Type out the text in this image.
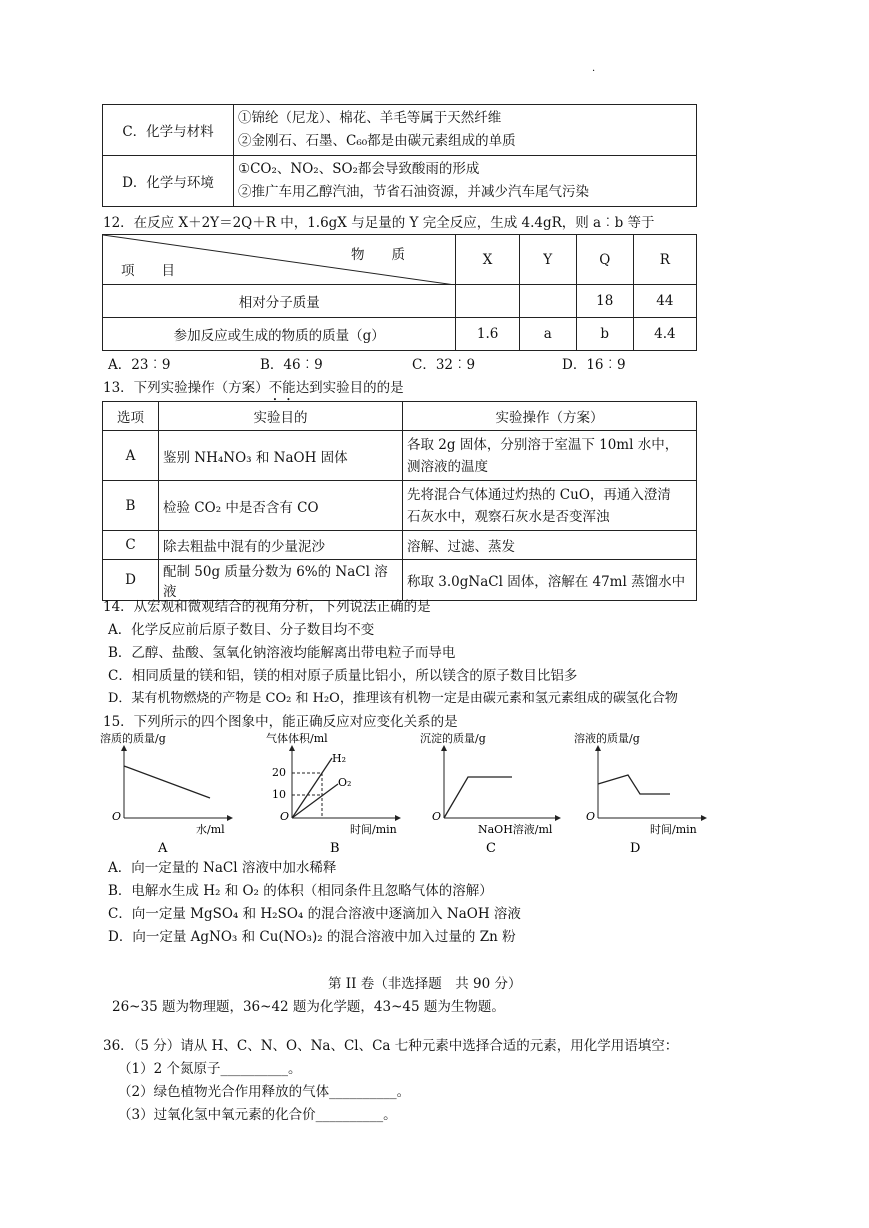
·
C．化学与材料	①锦纶（尼龙）、棉花、羊毛等属于天然纤维
②金刚石、石墨、C₆₀都是由碳元素组成的单质

D．化学与环境	①CO₂、NO₂、SO₂都会导致酸雨的形成
②推广车用乙醇汽油，节省石油资源，并减少汽车尾气污染
12．在反应 X＋2Y＝2Q＋R 中，1.6gX 与足量的 Y 完全反应，生成 4.4gR，则 a︰b 等于
物　　质
项　　目	X	Y	Q	R
相对分子质量			18	44
参加反应或生成的物质的质量（g）	1.6	a	b	4.4
A．23︰9	B．46︰9	C．32︰9	D．16︰9
13．下列实验操作（方案）不能达到实验目的的是
选项	实验目的	实验操作（方案）
A	鉴别 NH₄NO₃ 和 NaOH 固体	各取 2g 固体，分别溶于室温下 10ml 水中，
测溶液的温度

B	检验 CO₂ 中是否含有 CO	先将混合气体通过灼热的 CuO，再通入澄清
石灰水中，观察石灰水是否变浑浊

C	除去粗盐中混有的少量泥沙	溶解、过滤、蒸发
D	配制 50g 质量分数为 6%的 NaCl 溶液	称取 3.0gNaCl 固体，溶解在 47ml 蒸馏水中
14．从宏观和微观结合的视角分析，下列说法正确的是
A．化学反应前后原子数目、分子数目均不变
B．乙醇、盐酸、氢氧化钠溶液均能解离出带电粒子而导电
C．相同质量的镁和铝，镁的相对原子质量比铝小，所以镁含的原子数目比铝多
D．某有机物燃烧的产物是 CO₂ 和 H₂O，推理该有机物一定是由碳元素和氢元素组成的碳氢化合物
15．下列所示的四个图象中，能正确反应对应变化关系的是
溶质的质量/g
O
水/ml
A
气体体积/ml
O
20
10
H₂
O₂
时间/min
B
沉淀的质量/g
O
NaOH溶液/ml
C
溶液的质量/g
O
时间/min
D
A．向一定量的 NaCl 溶液中加水稀释
B．电解水生成 H₂ 和 O₂ 的体积（相同条件且忽略气体的溶解）
C．向一定量 MgSO₄ 和 H₂SO₄ 的混合溶液中逐滴加入 NaOH 溶液
D．向一定量 AgNO₃ 和 Cu(NO₃)₂ 的混合溶液中加入过量的 Zn 粉
第 II 卷（非选择题　共 90 分）
26~35 题为物理题，36~42 题为化学题，43~45 题为生物题。
36．（5 分）请从 H、C、N、O、Na、Cl、Ca 七种元素中选择合适的元素，用化学用语填空：
（1）2 个氮原子__________。
（2）绿色植物光合作用释放的气体__________。
（3）过氧化氢中氧元素的化合价__________。
